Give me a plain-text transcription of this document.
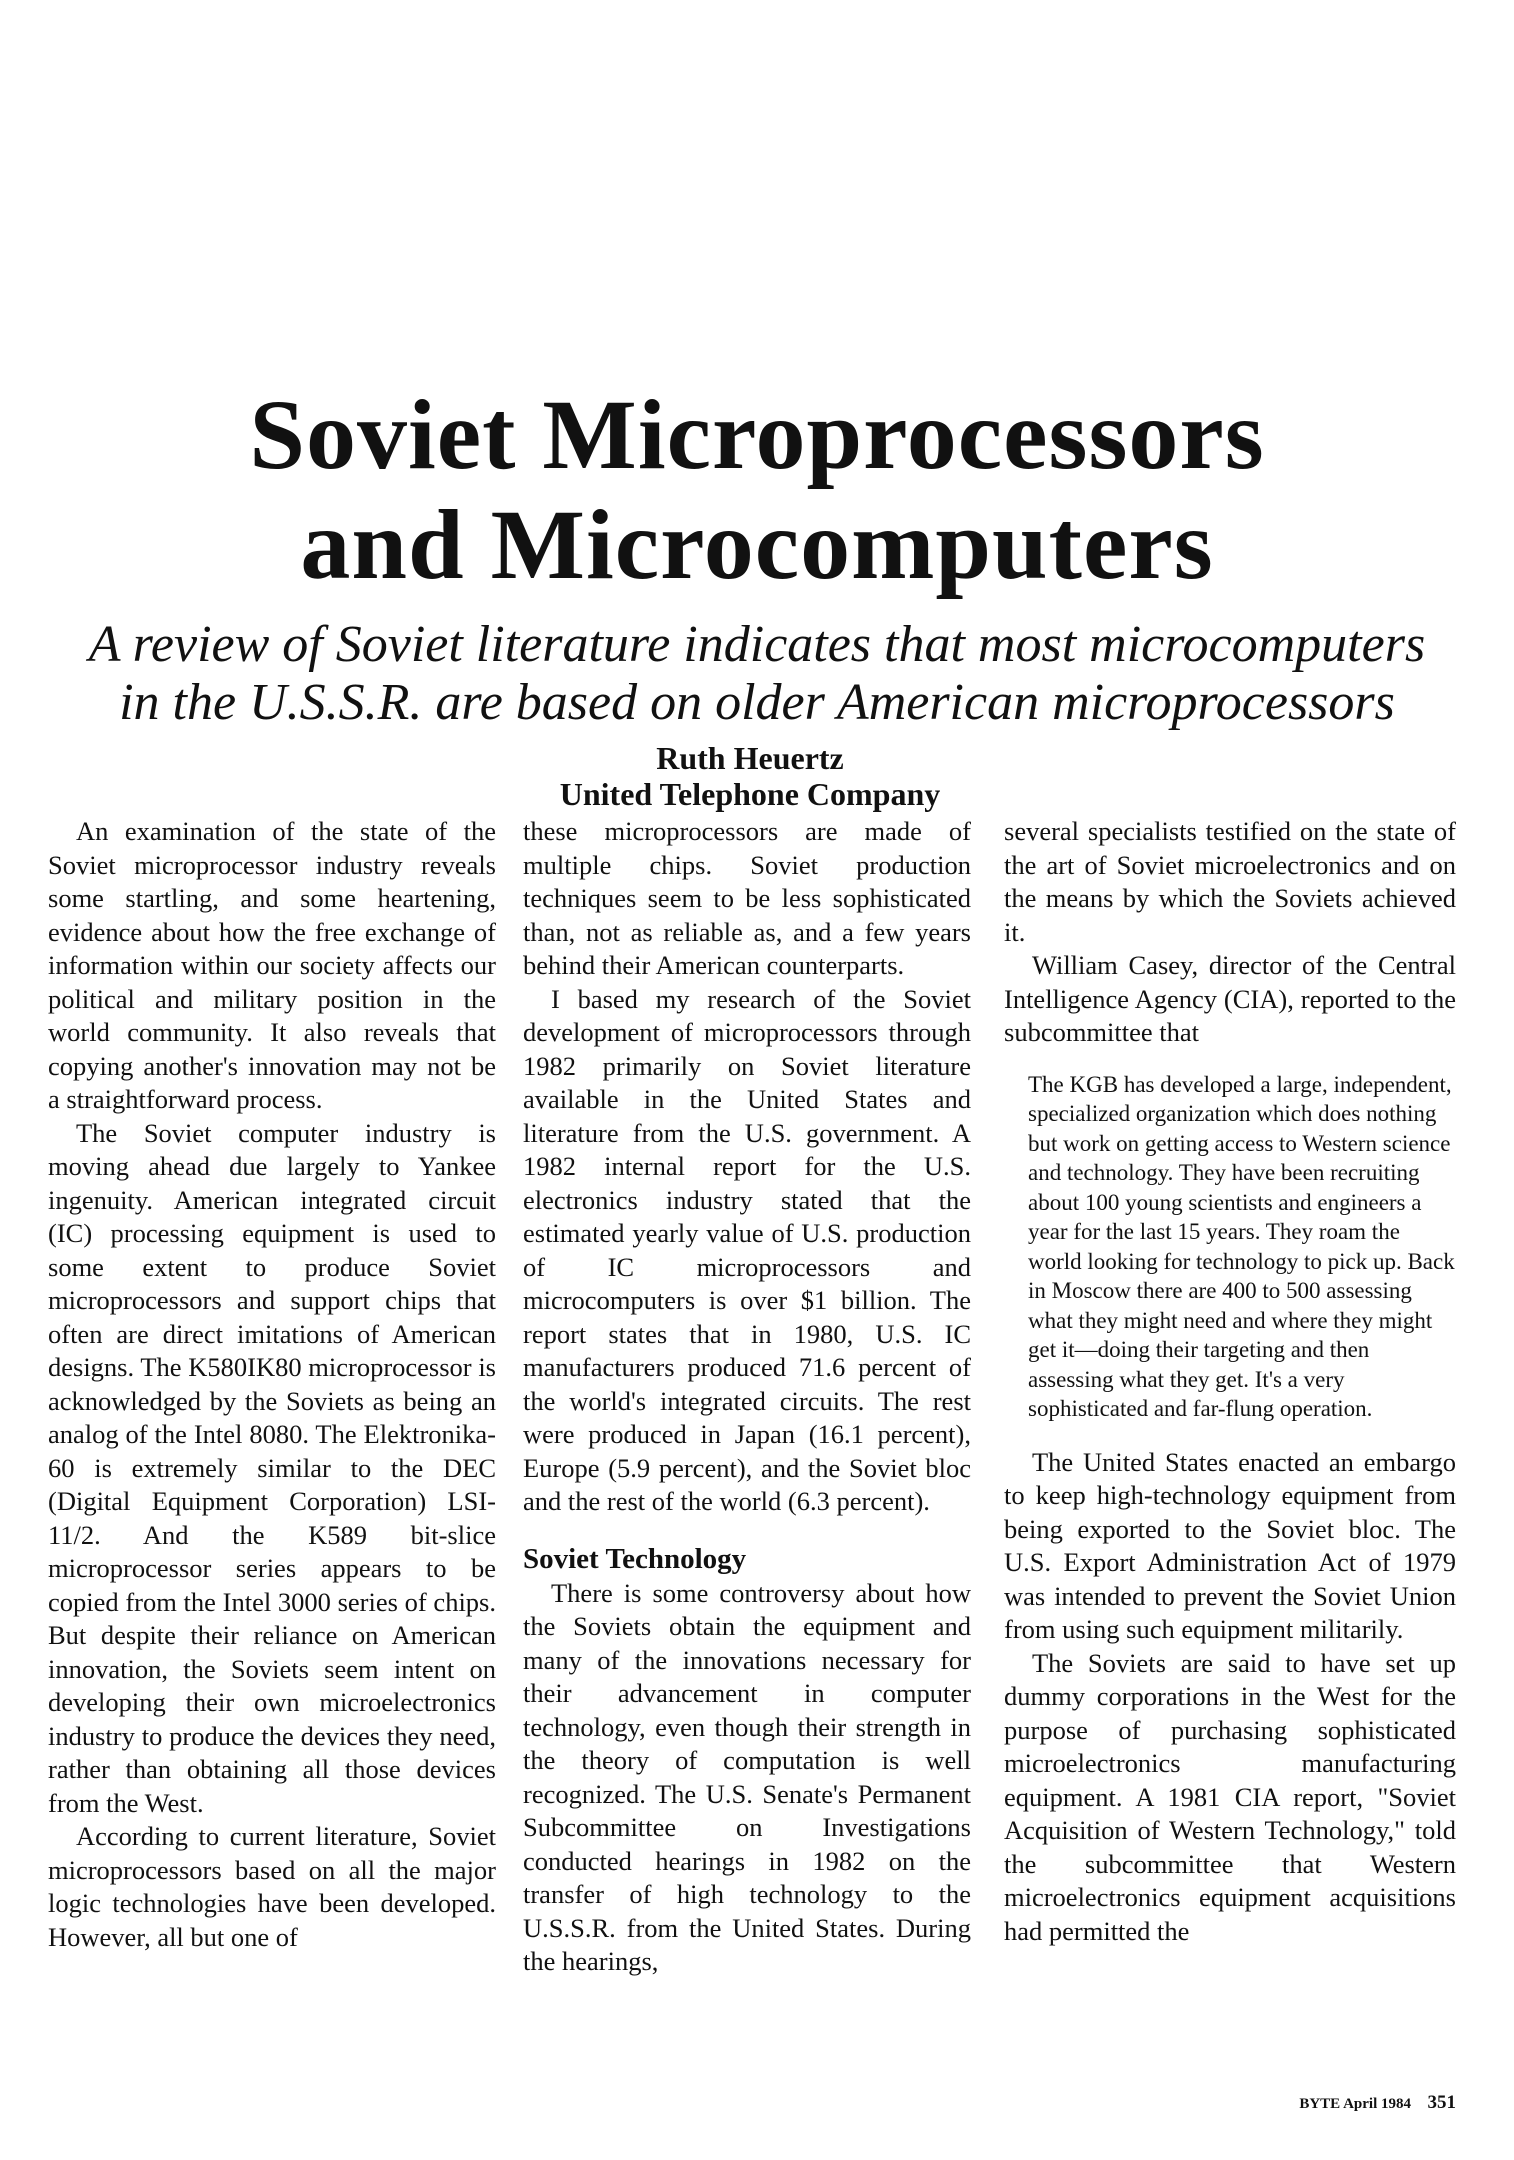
Soviet Microprocessors
and Microcomputers
A review of Soviet literature indicates that most microcomputers
in the U.S.S.R. are based on older American microprocessors
Ruth Heuertz
United Telephone Company

An examination of the state of the Soviet microprocessor industry reveals some startling, and some heartening, evidence about how the free exchange of information within our society affects our political and military position in the world community. It also reveals that copying another's innovation may not be a straightforward process.

The Soviet computer industry is moving ahead due largely to Yankee ingenuity. American integrated circuit (IC) processing equipment is used to some extent to produce Soviet microprocessors and support chips that often are direct imitations of American designs. The K580IK80 microprocessor is acknowledged by the Soviets as being an analog of the Intel 8080. The Elektronika-60 is extremely similar to the DEC (Digital Equipment Corporation) LSI-11/2. And the K589 bit-slice microprocessor series appears to be copied from the Intel 3000 series of chips. But despite their reliance on American innovation, the Soviets seem intent on developing their own microelectronics industry to produce the devices they need, rather than obtaining all those devices from the West.

According to current literature, Soviet microprocessors based on all the major logic technologies have been developed. However, all but one of

these microprocessors are made of multiple chips. Soviet production techniques seem to be less sophisticated than, not as reliable as, and a few years behind their American counterparts.

I based my research of the Soviet development of microprocessors through 1982 primarily on Soviet literature available in the United States and literature from the U.S. government. A 1982 internal report for the U.S. electronics industry stated that the estimated yearly value of U.S. production of IC microprocessors and microcomputers is over $1 billion. The report states that in 1980, U.S. IC manufacturers produced 71.6 percent of the world's integrated circuits. The rest were produced in Japan (16.1 percent), Europe (5.9 percent), and the Soviet bloc and the rest of the world (6.3 percent).

Soviet Technology

There is some controversy about how the Soviets obtain the equipment and many of the innovations necessary for their advancement in computer technology, even though their strength in the theory of computation is well recognized. The U.S. Senate's Permanent Subcommittee on Investigations conducted hearings in 1982 on the transfer of high technology to the U.S.S.R. from the United States. During the hearings,

several specialists testified on the state of the art of Soviet microelectronics and on the means by which the Soviets achieved it.

William Casey, director of the Central Intelligence Agency (CIA), reported to the subcommittee that

The KGB has developed a large, independent, specialized organization which does nothing but work on getting access to Western science and technology. They have been recruiting about 100 young scientists and engineers a year for the last 15 years. They roam the world looking for technology to pick up. Back in Moscow there are 400 to 500 assessing what they might need and where they might get it—doing their targeting and then assessing what they get. It's a very sophisticated and far-flung operation.

The United States enacted an embargo to keep high-technology equipment from being exported to the Soviet bloc. The U.S. Export Administration Act of 1979 was intended to prevent the Soviet Union from using such equipment militarily.

The Soviets are said to have set up dummy corporations in the West for the purpose of purchasing sophisticated microelectronics manufacturing equipment. A 1981 CIA report, "Soviet Acquisition of Western Technology," told the subcommittee that Western microelectronics equipment acquisitions had permitted the

BYTE April 1984 351
